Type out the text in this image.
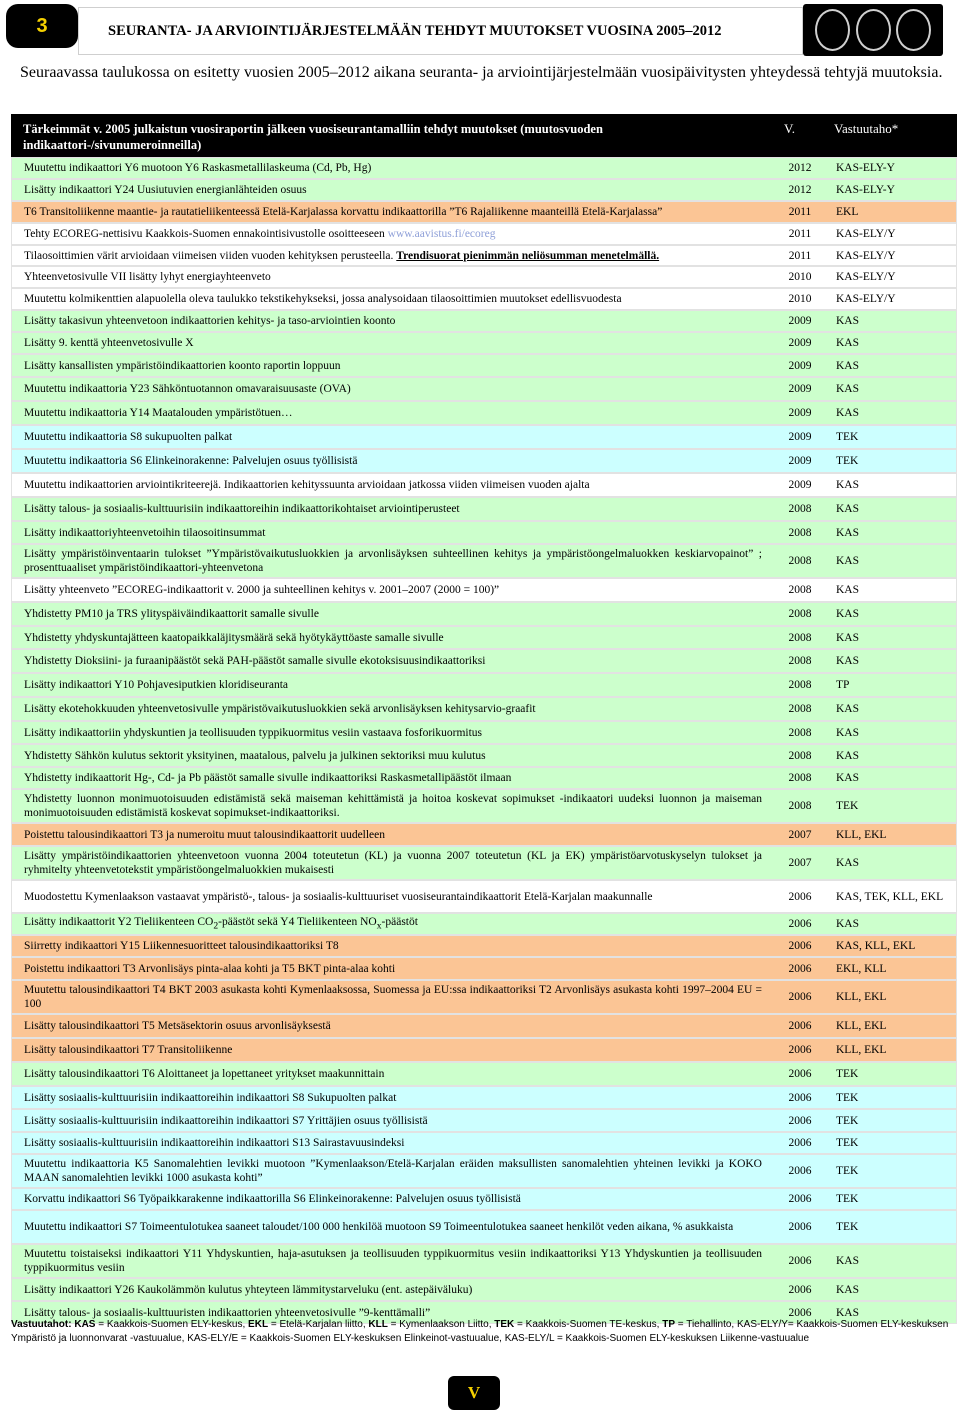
3	SEURANTA- JA ARVIOINTIJÄRJESTELMÄÄN TEHDYT MUUTOKSET VUOSINA 2005–2012
Seuraavassa taulukossa on esitetty vuosien 2005–2012 aikana seuranta- ja arviointijärjestelmään vuosipäivitysten yhteydessä tehtyjä muutoksia.
Tärkeimmät v. 2005 julkaistun vuosiraportin jälkeen vuosiseurantamalliin tehdyt muutokset (muutosvuoden indikaattori-/sivunumeroinneilla)
V.	Vastuutaho*
Muutettu indikaattori Y6 muotoon Y6 Raskasmetallilaskeuma (Cd, Pb, Hg)	2012 KAS-ELY-Y
Lisätty indikaattori Y24 Uusiutuvien energianlähteiden osuus	2012 KAS-ELY-Y
T6 Transitoliikenne maantie- ja rautatieliikenteessä Etelä-Karjalassa korvattu indikaattorilla ”T6 Rajaliikenne maanteillä Etelä-Karjalassa”	2011 EKL
Tehty ECOREG-nettisivu Kaakkois-Suomen ennakointisivustolle osoitteeseen www.aavistus.fi/ecoreg	2011 KAS-ELY/Y
Tilaosoittimien värit arvioidaan viimeisen viiden vuoden kehityksen perusteella. Trendisuorat pienimmän neliösumman menetelmällä.	2011 KAS-ELY/Y
Yhteenvetosivulle VII lisätty lyhyt energiayhteenveto	2010 KAS-ELY/Y
Muutettu kolmikenttien alapuolella oleva taulukko tekstikehykseksi, jossa analysoidaan tilaosoittimien muutokset edellisvuodesta	2010 KAS-ELY/Y
Lisätty takasivun yhteenvetoon indikaattorien kehitys- ja taso-arviointien koonto	2009 KAS
Lisätty 9. kenttä yhteenvetosivulle X	2009 KAS
Lisätty kansallisten ympäristöindikaattorien koonto raportin loppuun	2009 KAS
Muutettu indikaattoria Y23 Sähköntuotannon omavaraisuusaste (OVA)	2009 KAS
Muutettu indikaattoria Y14 Maatalouden ympäristötuen…	2009 KAS
Muutettu indikaattoria S8 sukupuolten palkat	2009 TEK
Muutettu indikaattoria S6 Elinkeinorakenne: Palvelujen osuus työllisistä	2009 TEK
Muutettu indikaattorien arviointikriteerejä. Indikaattorien kehityssuunta arvioidaan jatkossa viiden viimeisen vuoden ajalta	2009 KAS
Lisätty talous- ja sosiaalis-kulttuurisiin indikaattoreihin indikaattorikohtaiset arviointiperusteet	2008 KAS
Lisätty indikaattoriyhteenvetoihin tilaosoitinsummat	2008 KAS
Lisätty ympäristöinventaarin tulokset ”Ympäristövaikutusluokkien ja arvonlisäyksen suhteellinen kehitys ja ympäristöongelmaluokken keskiarvopainot” ; prosenttuaaliset ympäristöindikaattori-yhteenvetona
2008 KAS
Lisätty yhteenveto ”ECOREG-indikaattorit v. 2000 ja suhteellinen kehitys v. 2001–2007 (2000 = 100)”	2008 KAS
Yhdistetty PM10 ja TRS ylityspäiväindikaattorit samalle sivulle	2008 KAS
Yhdistetty yhdyskuntajätteen kaatopaikkaläjitysmäärä sekä hyötykäyttöaste samalle sivulle	2008 KAS
Yhdistetty Dioksiini- ja furaanipäästöt sekä PAH-päästöt samalle sivulle ekotoksisuusindikaattoriksi	2008 KAS
Lisätty indikaattori Y10 Pohjavesiputkien kloridiseuranta	2008 TP
Lisätty ekotehokkuuden yhteenvetosivulle ympäristövaikutusluokkien sekä arvonlisäyksen kehitysarvio-graafit	2008 KAS
Lisätty indikaattoriin yhdyskuntien ja teollisuuden typpikuormitus vesiin vastaava fosforikuormitus	2008 KAS
Yhdistetty Sähkön kulutus sektorit yksityinen, maatalous, palvelu ja julkinen sektoriksi muu kulutus	2008 KAS
Yhdistetty indikaattorit Hg-, Cd- ja Pb päästöt samalle sivulle indikaattoriksi Raskasmetallipäästöt ilmaan	2008 KAS
Yhdistetty luonnon monimuotoisuuden edistämistä sekä maiseman kehittämistä ja hoitoa koskevat sopimukset -indikaatori uudeksi luonnon ja maiseman monimuotoisuuden edistämistä koskevat sopimukset-indikaattoriksi.
2008 TEK
Poistettu talousindikaattori T3 ja numeroitu muut talousindikaattorit uudelleen	2007 KLL, EKL
Lisätty ympäristöindikaattorien yhteenvetoon vuonna 2004 toteutetun (KL) ja vuonna 2007 toteutetun (KL ja EK) ympäristöarvotuskyselyn tulokset ja ryhmitelty yhteenvetotekstit ympäristöongelmaluokkien mukaisesti
2007 KAS
Muodostettu Kymenlaakson vastaavat ympäristö-, talous- ja sosiaalis-kulttuuriset vuosiseurantaindikaattorit Etelä-Karjalan maakunnalle	2006 KAS, TEK, KLL, EKL
Lisätty indikaattorit Y2 Tieliikenteen $CO_2$-päästöt sekä Y4 Tieliikenteen $NO_x$-päästöt	2006 KAS
Siirretty indikaattori Y15 Liikennesuoritteet talousindikaattoriksi T8	2006 KAS, KLL, EKL
Poistettu indikaattori T3 Arvonlisäys pinta-alaa kohti ja T5 BKT pinta-alaa kohti	2006 EKL, KLL
Muutettu talousindikaattori T4 BKT 2003 asukasta kohti Kymenlaaksossa, Suomessa ja EU:ssa indikaattoriksi T2 Arvonlisäys asukasta kohti 1997–2004 EU = 100
2006 KLL, EKL
Lisätty talousindikaattori T5 Metsäsektorin osuus arvonlisäyksestä	2006 KLL, EKL
Lisätty talousindikaattori T7 Transitoliikenne	2006 KLL, EKL
Lisätty talousindikaattori T6 Aloittaneet ja lopettaneet yritykset maakunnittain	2006 TEK
Lisätty sosiaalis-kulttuurisiin indikaattoreihin indikaattori S8 Sukupuolten palkat	2006 TEK
Lisätty sosiaalis-kulttuurisiin indikaattoreihin indikaattori S7 Yrittäjien osuus työllisistä	2006 TEK
Lisätty sosiaalis-kulttuurisiin indikaattoreihin indikaattori S13 Sairastavuusindeksi	2006 TEK
Muutettu indikaattoria K5 Sanomalehtien levikki muotoon ”Kymenlaakson/Etelä-Karjalan eräiden maksullisten sanomalehtien yhteinen levikki ja KOKO MAAN sanomalehtien levikki 1000 asukasta kohti”
2006 TEK
Korvattu indikaattori S6 Työpaikkarakenne indikaattorilla S6 Elinkeinorakenne: Palvelujen osuus työllisistä	2006 TEK
Muutettu indikaattori S7 Toimeentulotukea saaneet taloudet/100 000 henkilöä muotoon S9 Toimeentulotukea saaneet henkilöt veden aikana, % asukkaista	2006 TEK
Muutettu toistaiseksi indikaattori Y11 Yhdyskuntien, haja-asutuksen ja teollisuuden typpikuormitus vesiin indikaattoriksi Y13 Yhdyskuntien ja teollisuuden typpikuormitus vesiin
2006 KAS
Lisätty indikaattori Y26 Kaukolämmön kulutus yhteyteen lämmitystarveluku (ent. astepäiväluku)	2006 KAS
Lisätty talous- ja sosiaalis-kulttuuristen indikaattorien yhteenvetosivulle ”9-kenttämalli”	2006 KAS
Vastuutahot: KAS = Kaakkois-Suomen ELY-keskus, EKL = Etelä-Karjalan liitto, KLL = Kymenlaakson Liitto, TEK = Kaakkois-Suomen TE-keskus, TP = Tiehallinto, KAS-ELY/Y= Kaakkois-Suomen ELY-keskuksen Ympäristö ja luonnonvarat -vastuualue, KAS-ELY/E = Kaakkois-Suomen ELY-keskuksen Elinkeinot-vastuualue, KAS-ELY/L = Kaakkois-Suomen ELY-keskuksen Liikenne-vastuualue
V
